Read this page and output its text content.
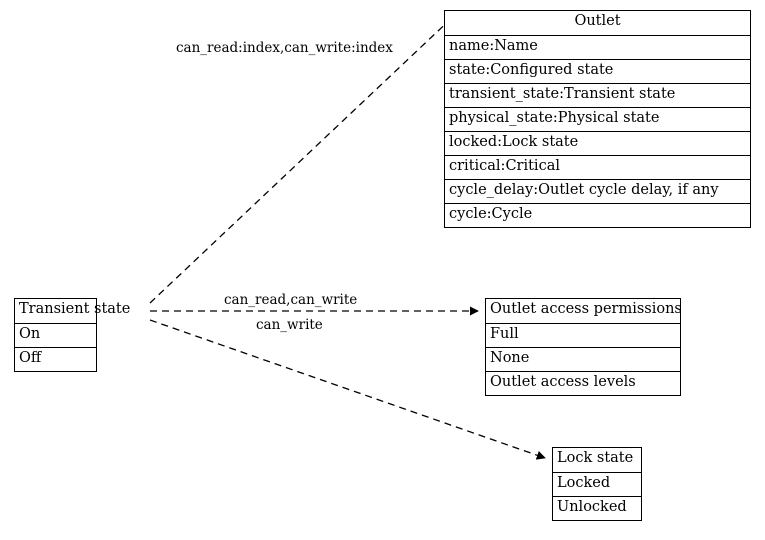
Outlet
name:Name
state:Configured state
transient_state:Transient state
physical_state:Physical state
locked:Lock state
critical:Critical
cycle_delay:Outlet cycle delay, if any
cycle:Cycle
Transient state
On
Off
Outlet access permissions
Full
None
Outlet access levels
Lock state
Locked
Unlocked
can_read:index,can_write:index
can_read,can_write
can_write
